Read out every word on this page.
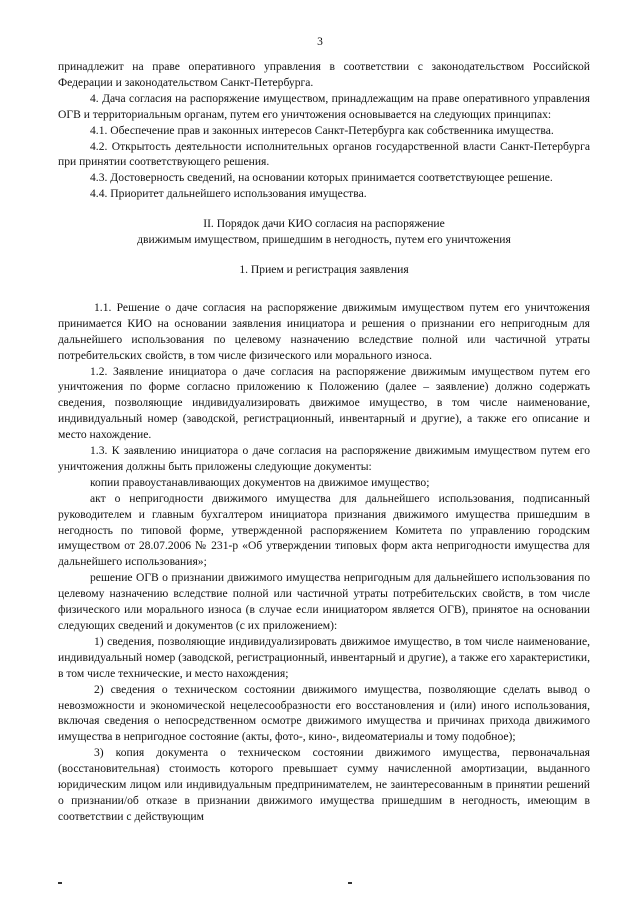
3

принадлежит на праве оперативного управления в соответствии с законодательством Российской Федерации и законодательством Санкт-Петербурга.

4. Дача согласия на распоряжение имуществом, принадлежащим на праве оперативного управления ОГВ и территориальным органам, путем его уничтожения основывается на следующих принципах:

4.1. Обеспечение прав и законных интересов Санкт-Петербурга как собственника имущества.

4.2. Открытость деятельности исполнительных органов государственной власти Санкт-Петербурга при принятии соответствующего решения.

4.3. Достоверность сведений, на основании которых принимается соответствующее решение.

4.4. Приоритет дальнейшего использования имущества.

II. Порядок дачи КИО согласия на распоряжение

движимым имуществом, пришедшим в негодность, путем его уничтожения

1. Прием и регистрация заявления

1.1. Решение о даче согласия на распоряжение движимым имуществом путем его уничтожения принимается КИО на основании заявления инициатора и решения о признании его непригодным для дальнейшего использования по целевому назначению вследствие полной или частичной утраты потребительских свойств, в том числе физического или морального износа.

1.2. Заявление инициатора о даче согласия на распоряжение движимым имуществом путем его уничтожения по форме согласно приложению к Положению (далее – заявление) должно содержать сведения, позволяющие индивидуализировать движимое имущество, в том числе наименование, индивидуальный номер (заводской, регистрационный, инвентарный и другие), а также его описание и место нахождение.

1.3. К заявлению инициатора о даче согласия на распоряжение движимым имуществом путем его уничтожения должны быть приложены следующие документы:

копии правоустанавливающих документов на движимое имущество;

акт о непригодности движимого имущества для дальнейшего использования, подписанный руководителем и главным бухгалтером инициатора признания движимого имущества пришедшим в негодность по типовой форме, утвержденной распоряжением Комитета по управлению городским имуществом от 28.07.2006 № 231-р «Об утверждении типовых форм акта непригодности имущества для дальнейшего использования»;

решение ОГВ о признании движимого имущества непригодным для дальнейшего использования по целевому назначению вследствие полной или частичной утраты потребительских свойств, в том числе физического или морального износа (в случае если инициатором является ОГВ), принятое на основании следующих сведений и документов (с их приложением):

1) сведения, позволяющие индивидуализировать движимое имущество, в том числе наименование, индивидуальный номер (заводской, регистрационный, инвентарный и другие), а также его характеристики, в том числе технические, и место нахождения;

2) сведения о техническом состоянии движимого имущества, позволяющие сделать вывод о невозможности и экономической нецелесообразности его восстановления и (или) иного использования, включая сведения о непосредственном осмотре движимого имущества и причинах прихода движимого имущества в непригодное состояние (акты, фото-, кино-, видеоматериалы и тому подобное);

3) копия документа о техническом состоянии движимого имущества, первоначальная (восстановительная) стоимость которого превышает сумму начисленной амортизации, выданного юридическим лицом или индивидуальным предпринимателем, не заинтересованным в принятии решений о признании/об отказе в признании движимого имущества пришедшим в негодность, имеющим в соответствии с действующим
